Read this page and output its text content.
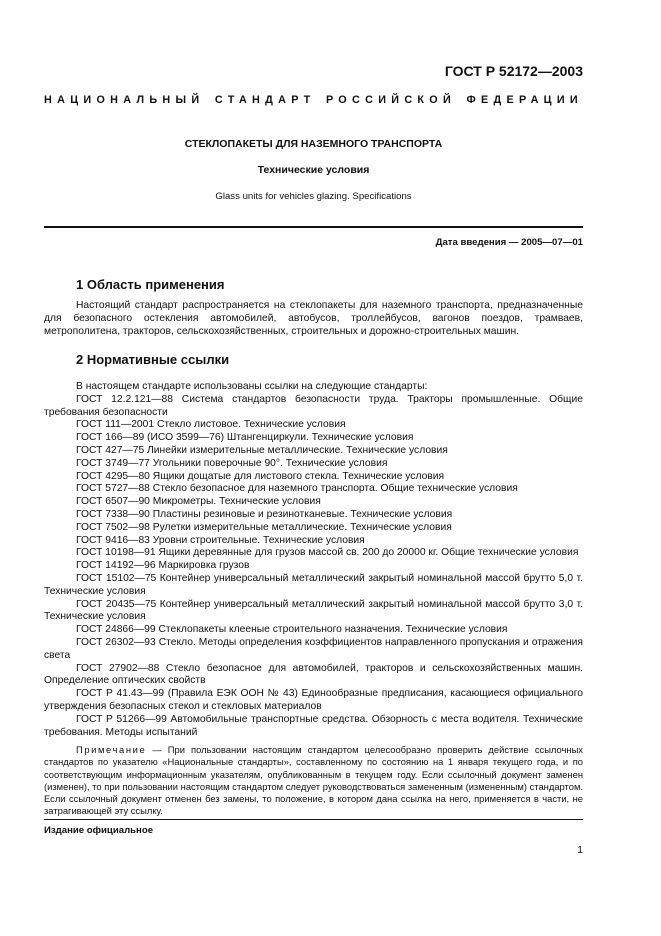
ГОСТ Р 52172—2003
НАЦИОНАЛЬНЫЙ СТАНДАРТ РОССИЙСКОЙ ФЕДЕРАЦИИ
СТЕКЛОПАКЕТЫ ДЛЯ НАЗЕМНОГО ТРАНСПОРТА
Технические условия
Glass units for vehicles glazing. Specifications
Дата введения — 2005—07—01
1 Область применения

Настоящий стандарт распространяется на стеклопакеты для наземного транспорта, предназначенные для безопасного остекления автомобилей, автобусов, троллейбусов, вагонов поездов, трамваев, метрополитена, тракторов, сельскохозяйственных, строительных и дорожно-строительных машин.

2 Нормативные ссылки

В настоящем стандарте использованы ссылки на следующие стандарты:

ГОСТ 12.2.121—88 Система стандартов безопасности труда. Тракторы промышленные. Общие требования безопасности

ГОСТ 111—2001 Стекло листовое. Технические условия

ГОСТ 166—89 (ИСО 3599—76) Штангенциркули. Технические условия

ГОСТ 427—75 Линейки измерительные металлические. Технические условия

ГОСТ 3749—77 Угольники поверочные 90°. Технические условия

ГОСТ 4295—80 Ящики дощатые для листового стекла. Технические условия

ГОСТ 5727—88 Стекло безопасное для наземного транспорта. Общие технические условия

ГОСТ 6507—90 Микрометры. Технические условия

ГОСТ 7338—90 Пластины резиновые и резинотканевые. Технические условия

ГОСТ 7502—98 Рулетки измерительные металлические. Технические условия

ГОСТ 9416—83 Уровни строительные. Технические условия

ГОСТ 10198—91 Ящики деревянные для грузов массой св. 200 до 20000 кг. Общие технические условия

ГОСТ 14192—96 Маркировка грузов

ГОСТ 15102—75 Контейнер универсальный металлический закрытый номинальной массой брутто 5,0 т. Технические условия

ГОСТ 20435—75 Контейнер универсальный металлический закрытый номинальной массой брутто 3,0 т. Технические условия

ГОСТ 24866—99 Стеклопакеты клееные строительного назначения. Технические условия

ГОСТ 26302—93 Стекло. Методы определения коэффициентов направленного пропускания и отражения света

ГОСТ 27902—88 Стекло безопасное для автомобилей, тракторов и сельскохозяйственных машин. Определение оптических свойств

ГОСТ Р 41.43—99 (Правила ЕЭК ООН № 43) Единообразные предписания, касающиеся официального утверждения безопасных стекол и стекловых материалов

ГОСТ Р 51266—99 Автомобильные транспортные средства. Обзорность с места водителя. Технические требования. Методы испытаний

Примечание — При пользовании настоящим стандартом целесообразно проверить действие ссылочных стандартов по указателю «Национальные стандарты», составленному по состоянию на 1 января текущего года, и по соответствующим информационным указателям, опубликованным в текущем году. Если ссылочный документ заменен (изменен), то при пользовании настоящим стандартом следует руководствоваться замененным (измененным) стандартом. Если ссылочный документ отменен без замены, то положение, в котором дана ссылка на него, применяется в части, не затрагивающей эту ссылку.
Издание официальное
1
